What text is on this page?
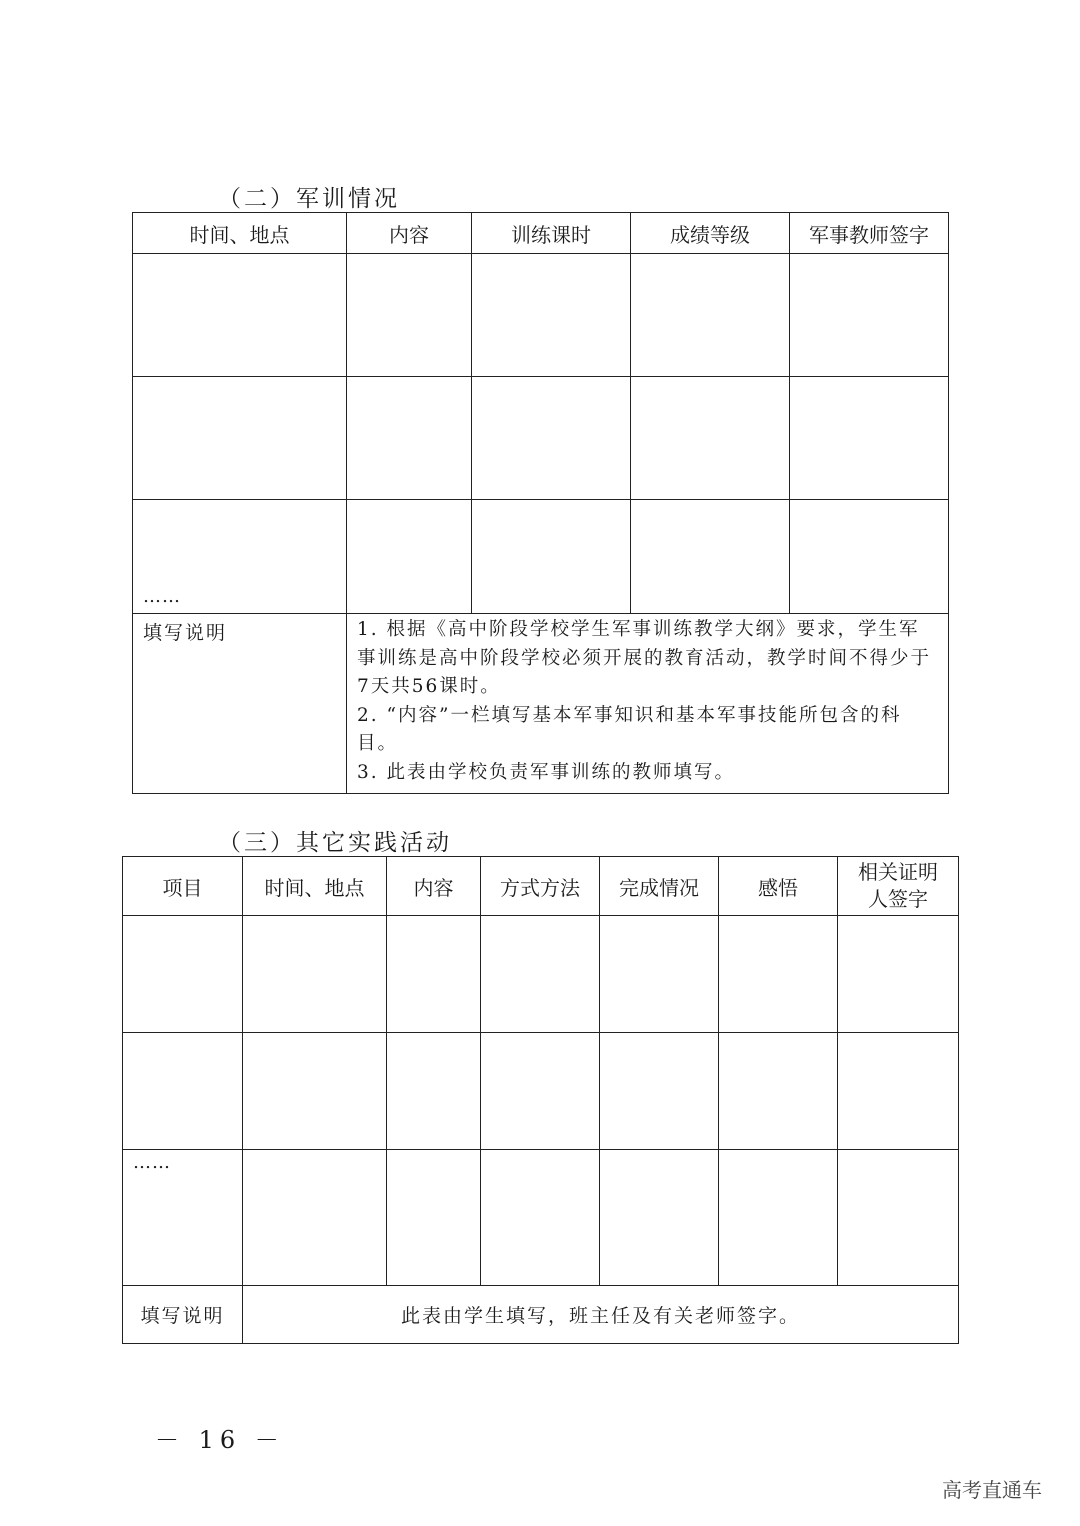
（二）军训情况
时间、地点	内容	训练课时	成绩等级	军事教师签字

……				

填写说明	1. 根据《高中阶段学校学生军事训练教学大纲》要求，学生军事训练是高中阶段学校必须开展的教育活动，教学时间不得少于7天共56课时。

2. “内容”一栏填写基本军事知识和基本军事技能所包含的科目。

3. 此表由学校负责军事训练的教师填写。			

（三）其它实践活动
项目	时间、地点	内容	方式方法	完成情况	感悟	相关证明人签字

……						

填写说明	此表由学生填写，班主任及有关老师签字。					
－ 16 －
高考直通车
